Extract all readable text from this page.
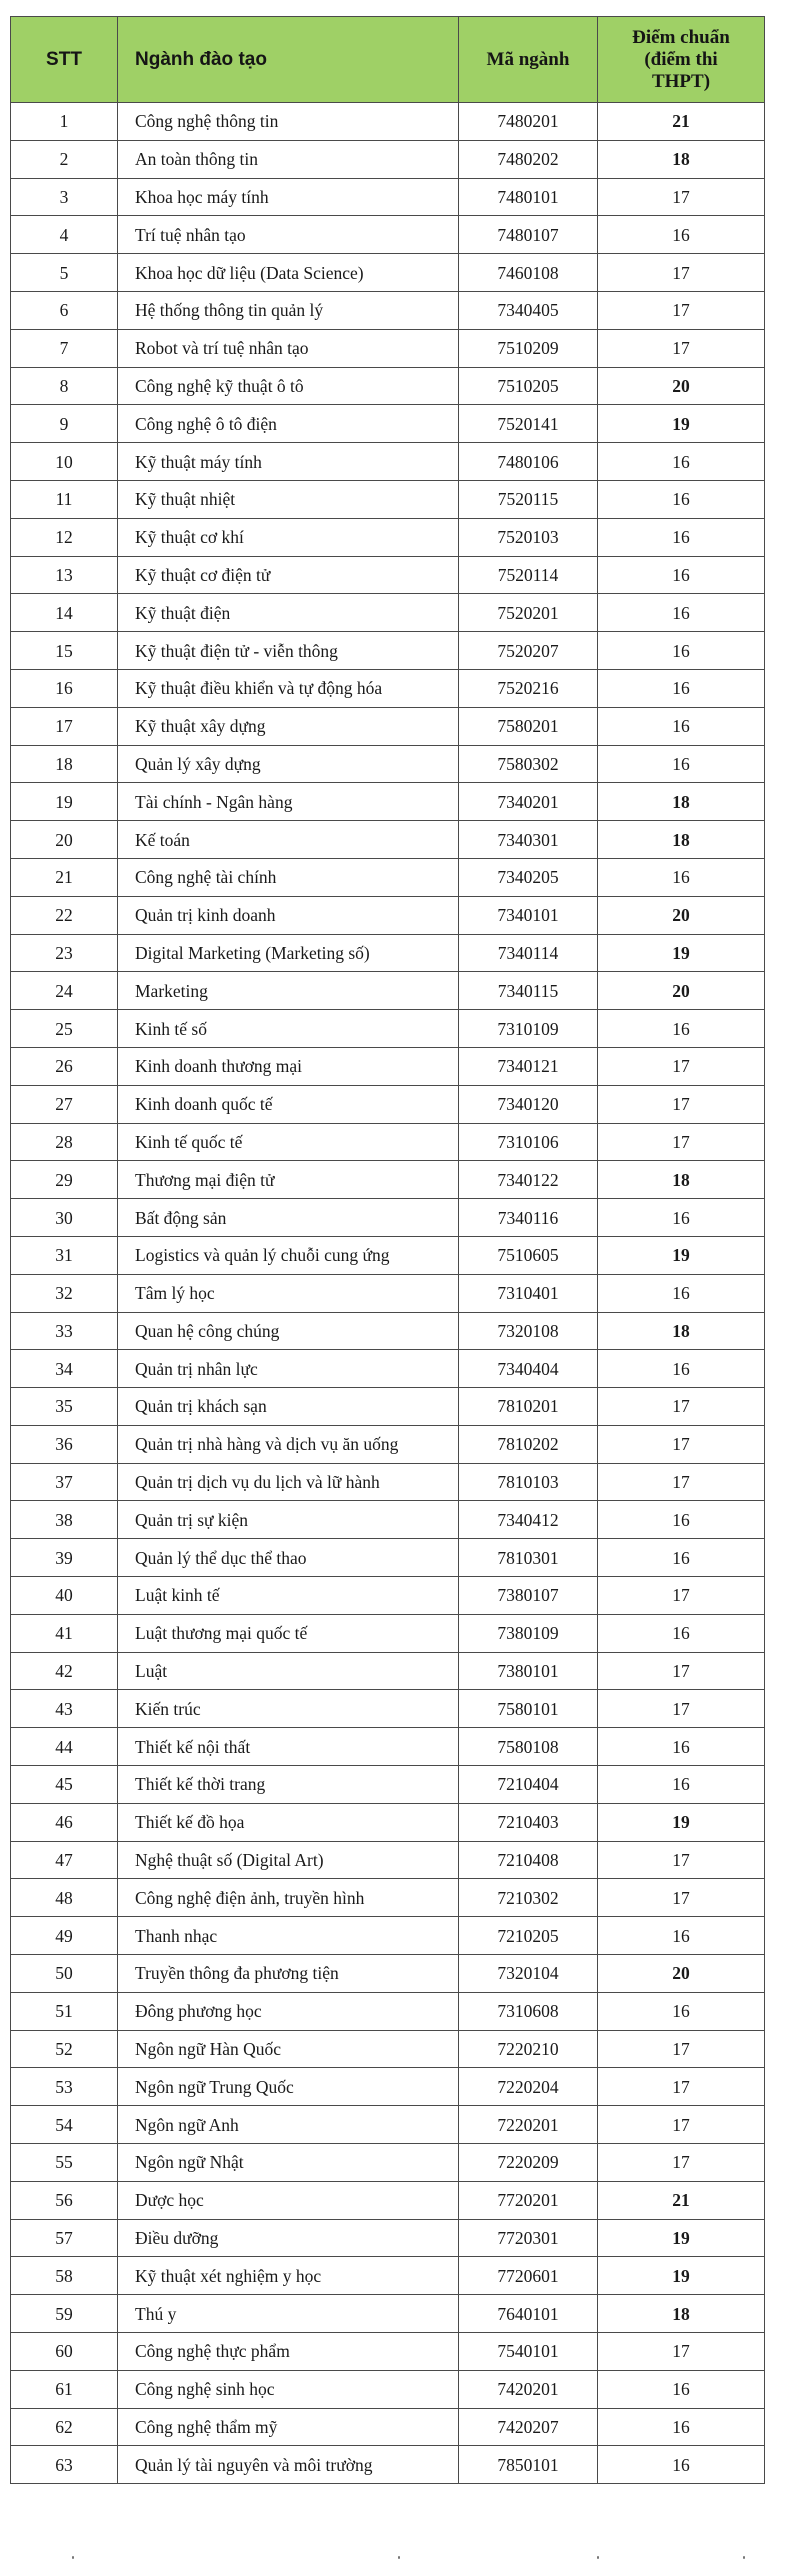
STT	Ngành đào tạo	Mã ngành	Điểm chuẩn
(điểm thi
THPT)

1	Công nghệ thông tin	7480201	21
2	An toàn thông tin	7480202	18
3	Khoa học máy tính	7480101	17
4	Trí tuệ nhân tạo	7480107	16
5	Khoa học dữ liệu (Data Science)	7460108	17
6	Hệ thống thông tin quản lý	7340405	17
7	Robot và trí tuệ nhân tạo	7510209	17
8	Công nghệ kỹ thuật ô tô	7510205	20
9	Công nghệ ô tô điện	7520141	19
10	Kỹ thuật máy tính	7480106	16
11	Kỹ thuật nhiệt	7520115	16
12	Kỹ thuật cơ khí	7520103	16
13	Kỹ thuật cơ điện tử	7520114	16
14	Kỹ thuật điện	7520201	16
15	Kỹ thuật điện tử - viễn thông	7520207	16
16	Kỹ thuật điều khiển và tự động hóa	7520216	16
17	Kỹ thuật xây dựng	7580201	16
18	Quản lý xây dựng	7580302	16
19	Tài chính - Ngân hàng	7340201	18
20	Kế toán	7340301	18
21	Công nghệ tài chính	7340205	16
22	Quản trị kinh doanh	7340101	20
23	Digital Marketing (Marketing số)	7340114	19
24	Marketing	7340115	20
25	Kinh tế số	7310109	16
26	Kinh doanh thương mại	7340121	17
27	Kinh doanh quốc tế	7340120	17
28	Kinh tế quốc tế	7310106	17
29	Thương mại điện tử	7340122	18
30	Bất động sản	7340116	16
31	Logistics và quản lý chuỗi cung ứng	7510605	19
32	Tâm lý học	7310401	16
33	Quan hệ công chúng	7320108	18
34	Quản trị nhân lực	7340404	16
35	Quản trị khách sạn	7810201	17
36	Quản trị nhà hàng và dịch vụ ăn uống	7810202	17
37	Quản trị dịch vụ du lịch và lữ hành	7810103	17
38	Quản trị sự kiện	7340412	16
39	Quản lý thể dục thể thao	7810301	16
40	Luật kinh tế	7380107	17
41	Luật thương mại quốc tế	7380109	16
42	Luật	7380101	17
43	Kiến trúc	7580101	17
44	Thiết kế nội thất	7580108	16
45	Thiết kế thời trang	7210404	16
46	Thiết kế đồ họa	7210403	19
47	Nghệ thuật số (Digital Art)	7210408	17
48	Công nghệ điện ảnh, truyền hình	7210302	17
49	Thanh nhạc	7210205	16
50	Truyền thông đa phương tiện	7320104	20
51	Đông phương học	7310608	16
52	Ngôn ngữ Hàn Quốc	7220210	17
53	Ngôn ngữ Trung Quốc	7220204	17
54	Ngôn ngữ Anh	7220201	17
55	Ngôn ngữ Nhật	7220209	17
56	Dược học	7720201	21
57	Điều dưỡng	7720301	19
58	Kỹ thuật xét nghiệm y học	7720601	19
59	Thú y	7640101	18
60	Công nghệ thực phẩm	7540101	17
61	Công nghệ sinh học	7420201	16
62	Công nghệ thẩm mỹ	7420207	16
63	Quản lý tài nguyên và môi trường	7850101	16
